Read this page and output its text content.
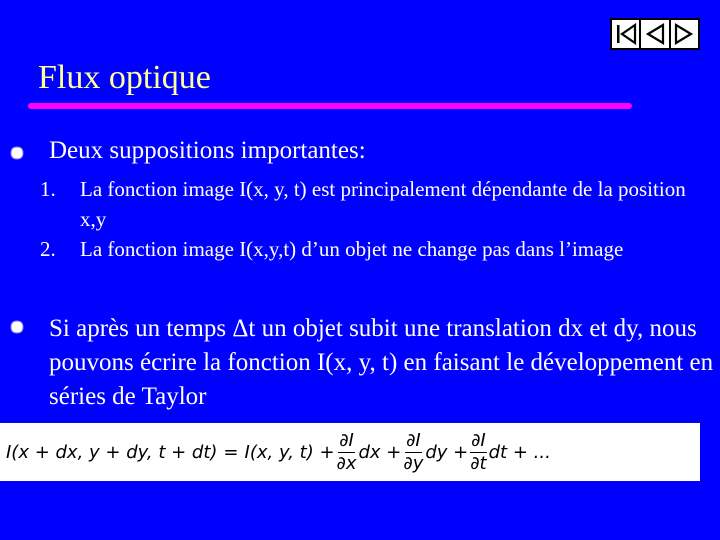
Flux optique
Deux suppositions importantes:
1. La fonction image I(x, y, t) est principalement dépendante de la position x,y
2. La fonction image I(x,y,t) d’un objet ne change pas dans l’image
Si après un temps Δt un objet subit une translation dx et dy, nous pouvons écrire la fonction I(x, y, t) en faisant le développement en séries de Taylor
I(x + dx, y + dy, t + dt) = I(x, y, $t) + \frac{\partial I}{\partial x}$ dx + $\frac{\partial I}{\partial y}$ dy + $\frac{\partial I}{\partial t}$ dt + ...
